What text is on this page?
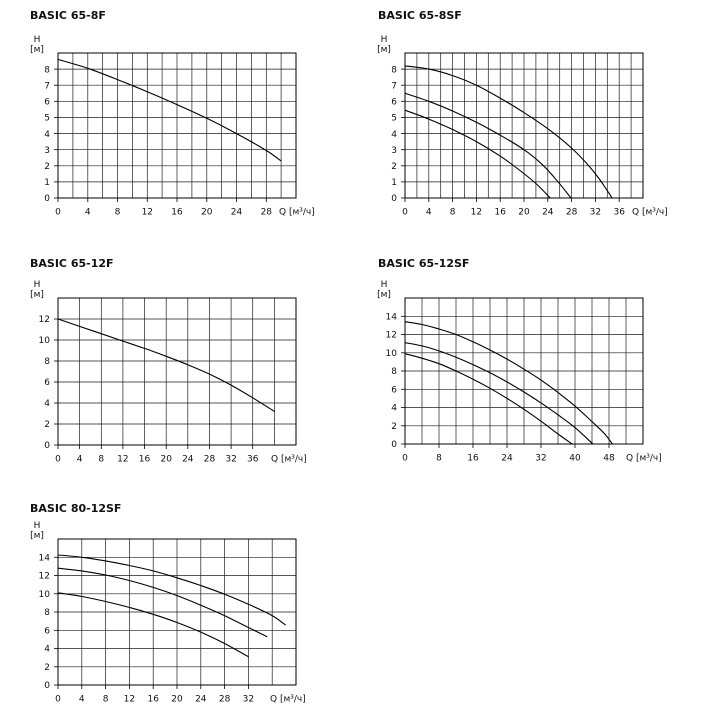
BASIC 65-8F
0
1
2
3
4
5
6
7
8
0	4	8 12 16 20 24 28
H
[м]
Q [м³/ч]
BASIC 65-8SF
0
1
2
3
4
5
6
7
8
0 4 8 12 16 20 24 28 32 36
H
[м]
Q [м³/ч]
BASIC 65-12F
0
2
4
6
8
10
12
0 4 8 12 16 20 24 28 32 36
H
[м]
Q [м³/ч]
BASIC 65-12SF
0
2
4
6
8
10
12
14
0	8	16	24	32	40	48
H
[м]
Q [м³/ч]
BASIC 80-12SF
0
2
4
6
8
10
12
14
0 4 8 12 16 20 24 28 32
H
[м]
Q [м³/ч]
